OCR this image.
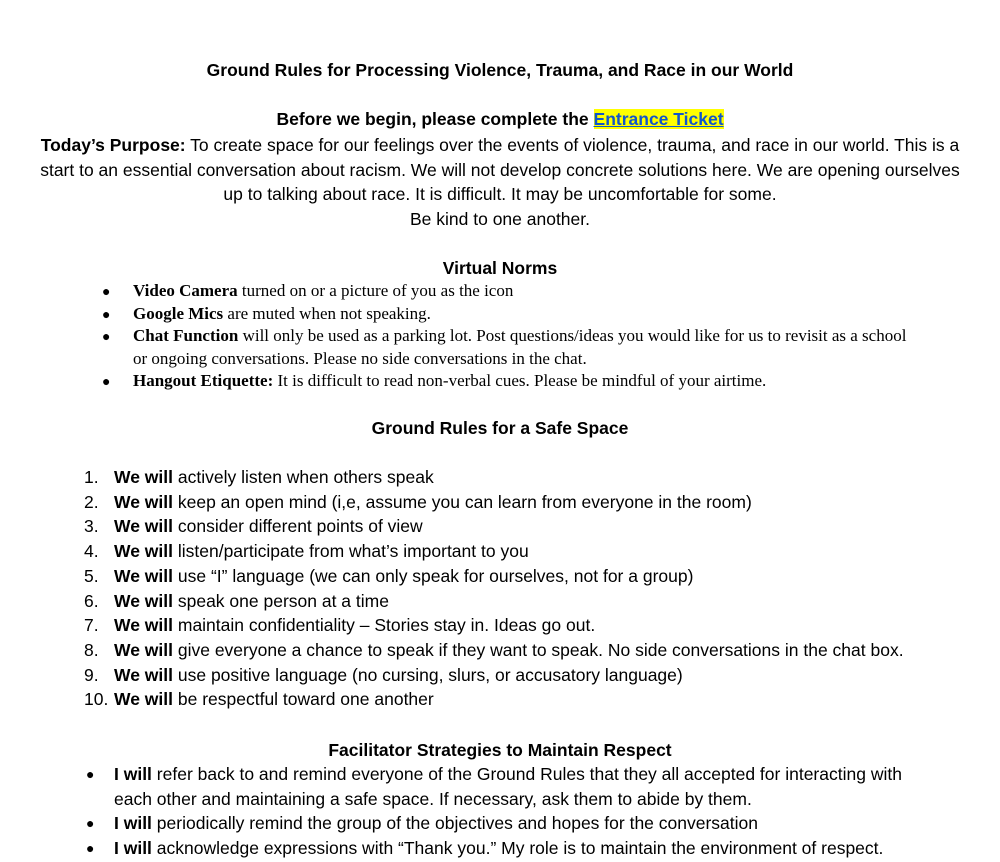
Ground Rules for Processing Violence, Trauma, and Race in our World
Before we begin, please complete the Entrance Ticket
Today’s Purpose: To create space for our feelings over the events of violence, trauma, and race in our world. This is a start to an essential conversation about racism. We will not develop concrete solutions here. We are opening ourselves up to talking about race. It is difficult. It may be uncomfortable for some.
Be kind to one another.
Virtual Norms
● Video Camera turned on or a picture of you as the icon
● Google Mics are muted when not speaking.
● Chat Function will only be used as a parking lot. Post questions/ideas you would like for us to revisit as a school or ongoing conversations. Please no side conversations in the chat.
● Hangout Etiquette: It is difficult to read non-verbal cues. Please be mindful of your airtime.
Ground Rules for a Safe Space
1. We will actively listen when others speak
2. We will keep an open mind (i,e, assume you can learn from everyone in the room)
3. We will consider different points of view
4. We will listen/participate from what’s important to you
5. We will use “I” language (we can only speak for ourselves, not for a group)
6. We will speak one person at a time
7. We will maintain confidentiality – Stories stay in. Ideas go out.
8. We will give everyone a chance to speak if they want to speak. No side conversations in the chat box.
9. We will use positive language (no cursing, slurs, or accusatory language)
10. We will be respectful toward one another
Facilitator Strategies to Maintain Respect
● I will refer back to and remind everyone of the Ground Rules that they all accepted for interacting with each other and maintaining a safe space. If necessary, ask them to abide by them.
● I will periodically remind the group of the objectives and hopes for the conversation
● I will acknowledge expressions with “Thank you.” My role is to maintain the environment of respect.
